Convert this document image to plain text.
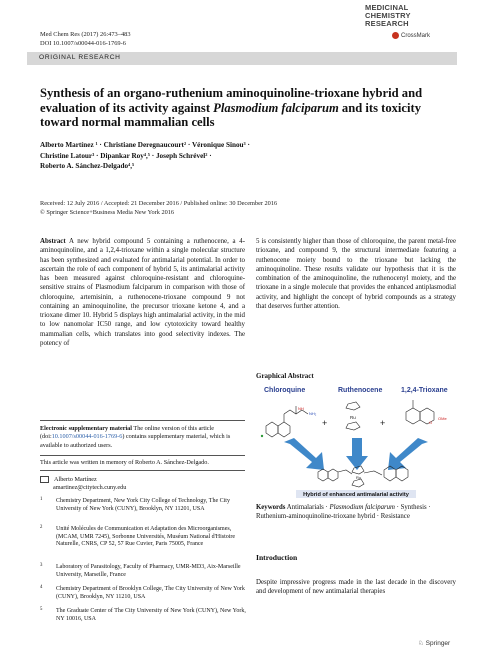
Med Chem Res (2017) 26:473–483
DOI 10.1007/s00044-016-1769-6
MEDICINAL
CHEMISTRY
RESEARCH
CrossMark
ORIGINAL RESEARCH
Synthesis of an organo-ruthenium aminoquinoline-trioxane hybrid and evaluation of its activity against Plasmodium falciparum and its toxicity toward normal mammalian cells
Alberto Martínez ¹ · Christiane Deregnaucourt² · Véronique Sinou³ ·
Christine Latour³ · Dipankar Roy⁴,⁵ · Joseph Schrével² ·
Roberto A. Sánchez-Delgado⁴,⁵
Received: 12 July 2016 / Accepted: 21 December 2016 / Published online: 30 December 2016
© Springer Science+Business Media New York 2016
Abstract A new hybrid compound 5 containing a ruthenocene, a 4-aminoquinoline, and a 1,2,4-trioxane within a single molecular structure has been synthesized and evaluated for antimalarial potential. In order to ascertain the role of each component of hybrid 5, its antimalarial activity has been measured against chloroquine-resistant and chloroquine-sensitive strains of Plasmodium falciparum in comparison with those of chloroquine, artemisinin, a ruthenocene-trioxane compound 9 not containing an aminoquinoline, the precursor trioxane ketone 4, and a trioxane dimer 10. Hybrid 5 displays high antimalarial activity, in the mid to low nanomolar IC50 range, and low cytotoxicity toward healthy mammalian cells, which translates into good selectivity indexes. The potency of
5 is consistently higher than those of chloroquine, the parent metal-free trioxane, and compound 9, the structural intermediate featuring a ruthenocene moiety bound to the trioxane but lacking the aminoquinoline. These results validate our hypothesis that it is the combination of the aminoquinoline, the ruthenocenyl moiety, and the trioxane in a single molecule that provides the enhanced antiplasmodial activity, and highlight the concept of hybrid compounds as a strategy that deserves further attention.
Electronic supplementary material The online version of this article (doi:10.1007/s00044-016-1769-6) contains supplementary material, which is available to authorized users.
This article was written in memory of Roberto A. Sánchez-Delgado.
Alberto Martínez
amartinez@citytech.cuny.edu
1 Chemistry Department, New York City College of Technology, The City University of New York (CUNY), Brooklyn, NY 11201, USA
2 Unité Molécules de Communication et Adaptation des Microorganismes, (MCAM, UMR 7245), Sorbonne Universités, Muséum National d'Histoire Naturelle, CNRS, CP 52, 57 Rue Cuvier, Paris 75005, France
3 Laboratory of Parasitology, Faculty of Pharmacy, UMR-MD3, Aix-Marseille University, Marseille, France
4 Chemistry Department of Brooklyn College, The City University of New York (CUNY), Brooklyn, NY 11210, USA
5 The Graduate Center of The City University of New York (CUNY), New York, NY 10016, USA
Graphical Abstract
Chloroquine	Ruthenocene	1,2,4-Trioxane
NH
NH₂
+
Ru
+	O
OMe
Ru
Hybrid of enhanced antimalarial activity
Keywords Antimalarials · Plasmodium falciparum · Synthesis · Ruthenium-aminoquinoline-trioxane hybrid · Resistance
Introduction
Despite impressive progress made in the last decade in the discovery and development of new antimalarial therapies
♘ Springer
